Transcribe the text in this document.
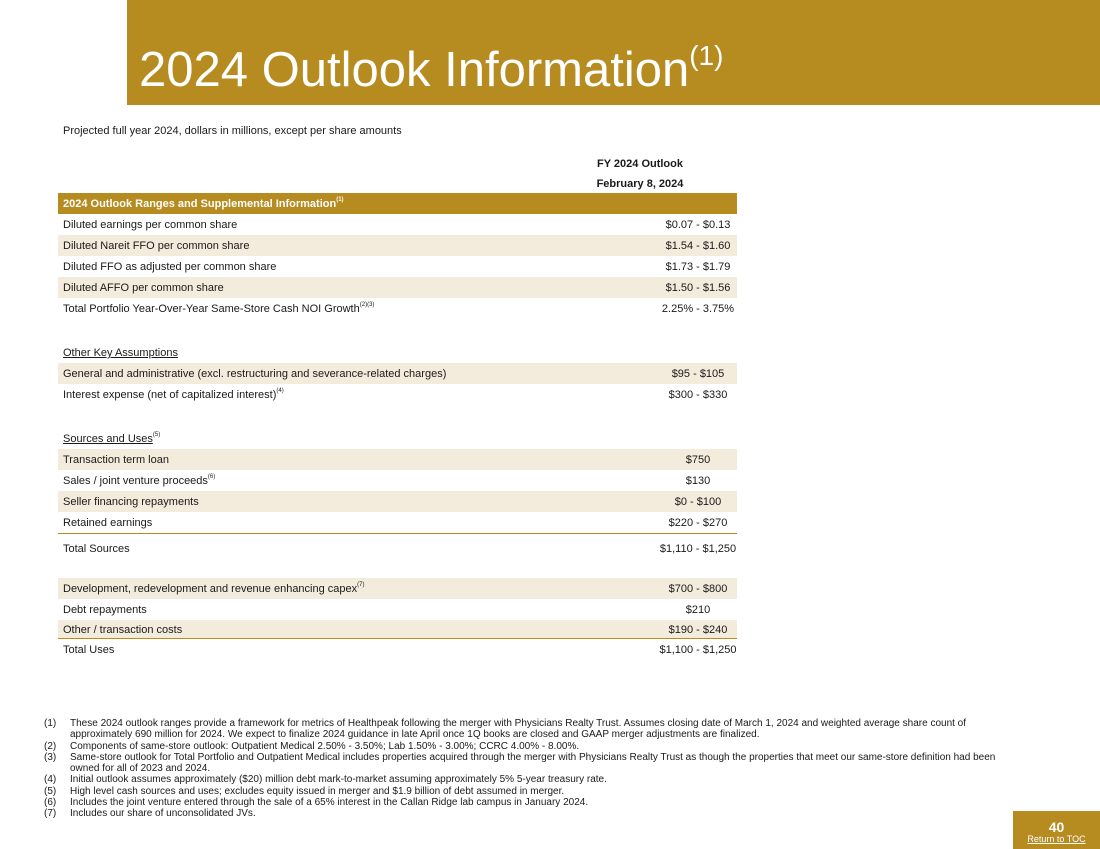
2024 Outlook Information$^{(1)}$
Projected full year 2024, dollars in millions, except per share amounts
FY 2024 Outlook
February 8, 2024
2024 Outlook Ranges and Supplemental Information$^{(1)}$
Diluted earnings per common share	$0.07 - $0.13
Diluted Nareit FFO per common share	$1.54 - $1.60
Diluted FFO as adjusted per common share	$1.73 - $1.79
Diluted AFFO per common share	$1.50 - $1.56
Total Portfolio Year-Over-Year Same-Store Cash NOI Growth$^{(2)(3)}$	2.25% - 3.75%
Other Key Assumptions
General and administrative (excl. restructuring and severance-related charges)	$95 - $105
Interest expense (net of capitalized interest)$^{(4)}$	$300 - $330
Sources and Uses$^{(5)}$
Transaction term loan	$750
Sales / joint venture proceeds$^{(6)}$	$130
Seller financing repayments	$0 - $100
Retained earnings	$220 - $270
Total Sources	$1,110 - $1,250
Development, redevelopment and revenue enhancing capex$^{(7)}$	$700 - $800
Debt repayments	$210
Other / transaction costs	$190 - $240
Total Uses	$1,100 - $1,250
(1) These 2024 outlook ranges provide a framework for metrics of Healthpeak following the merger with Physicians Realty Trust. Assumes closing date of March 1, 2024 and weighted average share count of approximately 690 million for 2024. We expect to finalize 2024 guidance in late April once 1Q books are closed and GAAP merger adjustments are finalized.
(2) Components of same-store outlook: Outpatient Medical 2.50% - 3.50%; Lab 1.50% - 3.00%; CCRC 4.00% - 8.00%.
(3) Same-store outlook for Total Portfolio and Outpatient Medical includes properties acquired through the merger with Physicians Realty Trust as though the properties that meet our same-store definition had been owned for all of 2023 and 2024.
(4) Initial outlook assumes approximately ($20) million debt mark-to-market assuming approximately 5% 5-year treasury rate.
(5) High level cash sources and uses; excludes equity issued in merger and $1.9 billion of debt assumed in merger.
(6) Includes the joint venture entered through the sale of a 65% interest in the Callan Ridge lab campus in January 2024.
(7) Includes our share of unconsolidated JVs.
40
Return to TOC
